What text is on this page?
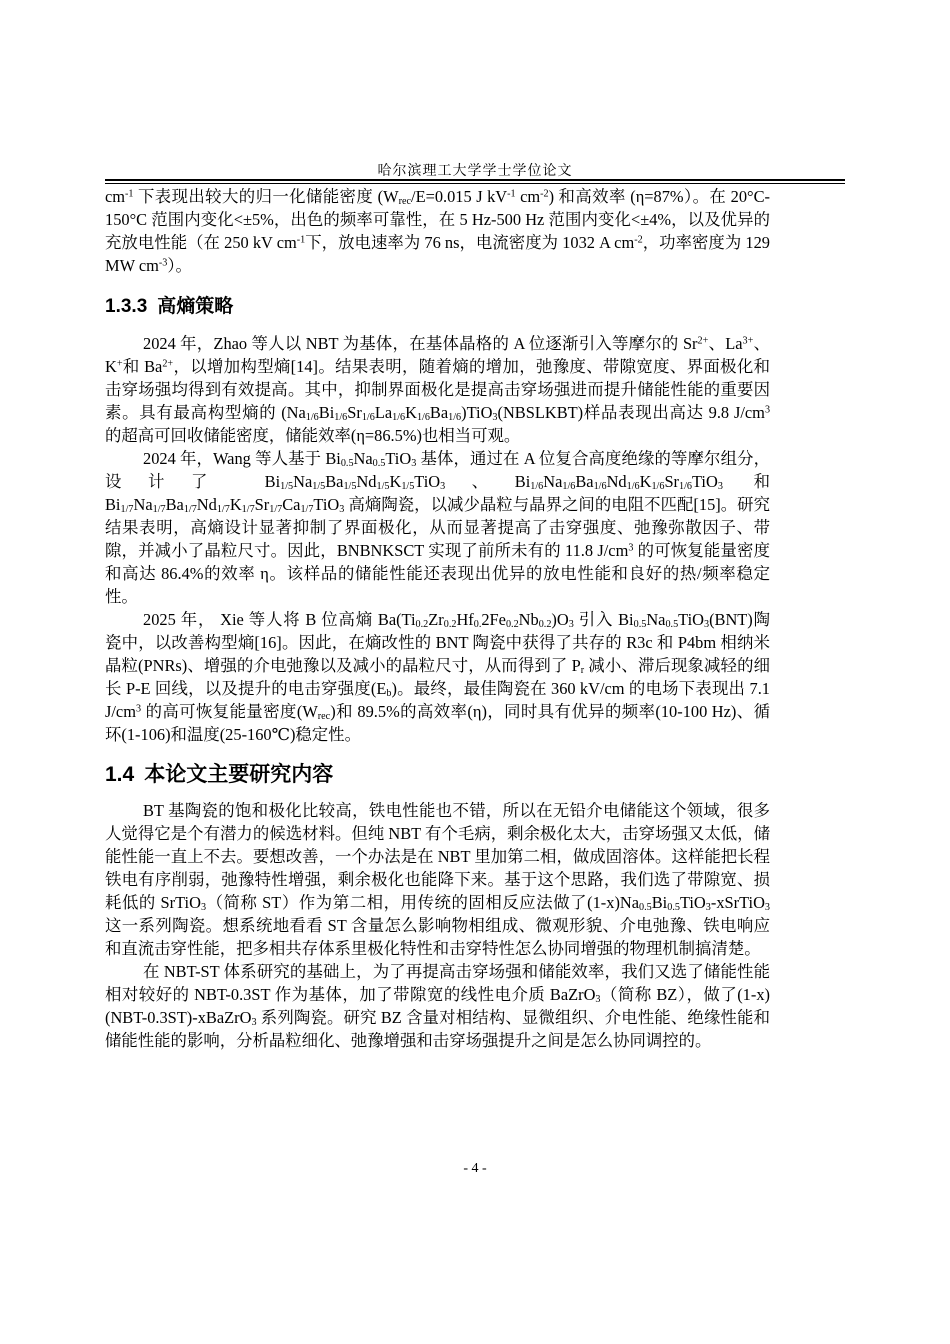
哈尔滨理工大学学士学位论文

$cm^{-1}$ 下表现出较大的归一化储能密度 ($W_{rec}/E=0.015$ J $kV^{-1}$ $cm^{-2}$) 和高效率 (η=87%）。在 20°C-150°C 范围内变化<±5%，出色的频率可靠性，在 5 Hz-500 Hz 范围内变化<±4%，以及优异的充放电性能（在 250 kV $cm^{-1}$下，放电速率为 76 ns，电流密度为 1032 A $cm^{-2}$，功率密度为 129 MW $cm^{-3}$）。

1.3.3 高熵策略

2024 年，Zhao 等人以 NBT 为基体，在基体晶格的 A 位逐渐引入等摩尔的 $Sr^{2+}$、$La^{3+}$、K+和 $Ba^{2+}$，以增加构型熵[14]。结果表明，随着熵的增加，弛豫度、带隙宽度、界面极化和击穿场强均得到有效提高。其中，抑制界面极化是提高击穿场强进而提升储能性能的重要因素。具有最高构型熵的 $(Na_{1/6}Bi_{1/6}Sr_{1/6}La_{1/6}K_{1/6}Ba_{1/6})TiO_3(NBSLKBT)$样品表现出高达 9.8 $J/cm^3$ 的超高可回收储能密度，储能效率(η=86.5%)也相当可观。

2024 年，Wang 等人基于 $Bi_{0.5}Na_{0.5}TiO_3$ 基体，通过在 A 位复合高度绝缘的等摩尔组分，设计了 $Bi_{1/5}Na_{1/5}Ba_{1/5}Nd_{1/5}K_{1/5}TiO_3$、$Bi_{1/6}Na_{1/6}Ba_{1/6}Nd_{1/6}K_{1/6}Sr_{1/6}TiO_3$ 和 $Bi_{1/7}Na_{1/7}Ba_{1/7}Nd_{1/7}K_{1/7}Sr_{1/7}Ca_{1/7}TiO_3$ 高熵陶瓷，以减少晶粒与晶界之间的电阻不匹配[15]。研究结果表明，高熵设计显著抑制了界面极化，从而显著提高了击穿强度、弛豫弥散因子、带隙，并减小了晶粒尺寸。因此，BNBNKSCT 实现了前所未有的 11.8 $J/cm^3$ 的可恢复能量密度和高达 86.4%的效率 η。该样品的储能性能还表现出优异的放电性能和良好的热/频率稳定性。

2025 年， Xie 等人将 B 位高熵 $Ba(Ti_{0.2}Zr_{0.2}Hf_{0.}2Fe_{0.2}Nb_{0.2})O_3$ 引入 $Bi_{0.5}Na_{0.5}TiO_3(BNT)$陶瓷中，以改善构型熵[16]。因此，在熵改性的 BNT 陶瓷中获得了共存的 R3c 和 P4bm 相纳米晶粒(PNRs)、增强的介电弛豫以及减小的晶粒尺寸，从而得到了 $P_r$ 减小、滞后现象减轻的细长 P-E 回线，以及提升的电击穿强度$(E_b)$。最终，最佳陶瓷在 360 kV/cm 的电场下表现出 7.1 $J/cm^3$ 的高可恢复能量密度$(W_{rec})$和 89.5%的高效率(η)，同时具有优异的频率(10-100 Hz)、循环(1-106)和温度(25-160℃)稳定性。

1.4 本论文主要研究内容

BT 基陶瓷的饱和极化比较高，铁电性能也不错，所以在无铅介电储能这个领域，很多人觉得它是个有潜力的候选材料。但纯 NBT 有个毛病，剩余极化太大，击穿场强又太低，储能性能一直上不去。要想改善，一个办法是在 NBT 里加第二相，做成固溶体。这样能把长程铁电有序削弱，弛豫特性增强，剩余极化也能降下来。基于这个思路，我们选了带隙宽、损耗低的 SrTiO$_3$（简称 ST）作为第二相，用传统的固相反应法做了$(1-x)Na_{0.5}Bi_{0.5}TiO_3-xSrTiO_3$ 这一系列陶瓷。想系统地看看 ST 含量怎么影响物相组成、微观形貌、介电弛豫、铁电响应和直流击穿性能，把多相共存体系里极化特性和击穿特性怎么协同增强的物理机制搞清楚。

在 NBT-ST 体系研究的基础上，为了再提高击穿场强和储能效率，我们又选了储能性能相对较好的 NBT-0.3ST 作为基体，加了带隙宽的线性电介质 BaZrO$_3$（简称 BZ），做了(1-x)(NBT-0.3ST)-xBaZrO$_3$ 系列陶瓷。研究 BZ 含量对相结构、显微组织、介电性能、绝缘性能和储能性能的影响，分析晶粒细化、弛豫增强和击穿场强提升之间是怎么协同调控的。

- 4 -
